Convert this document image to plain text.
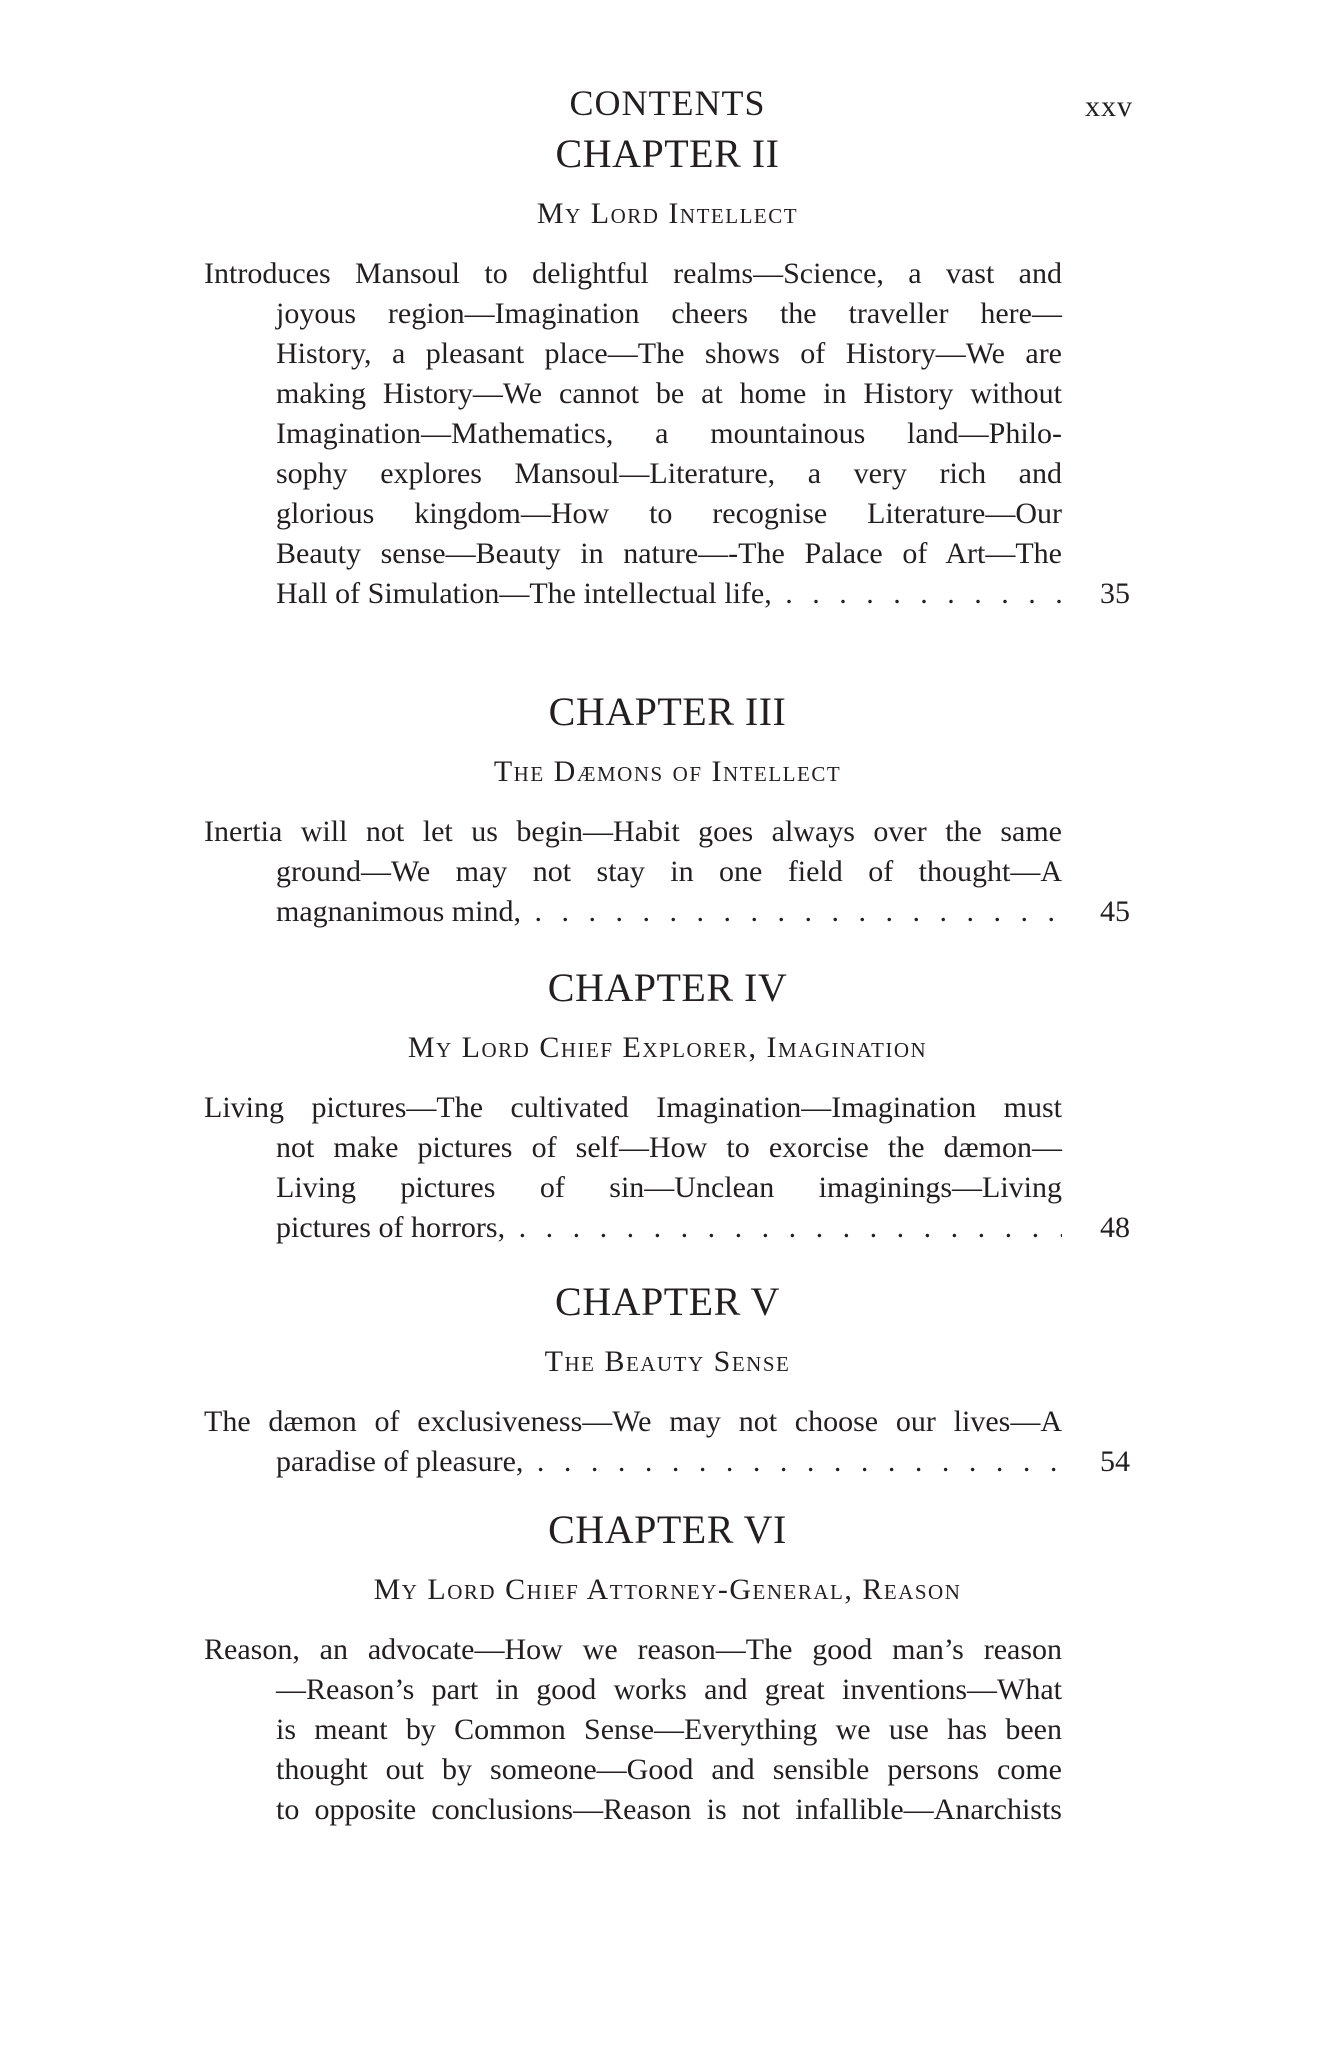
CONTENTS	xxv
CHAPTER II
My Lord Intellect
Introduces Mansoul to delightful realms—Science, a vast and
joyous region—Imagination cheers the traveller here—
History, a pleasant place—The shows of History—We are
making History—We cannot be at home in History without
Imagination—Mathematics, a mountainous land—Philo-
sophy explores Mansoul—Literature, a very rich and
glorious kingdom—How to recognise Literature—Our
Beauty sense—Beauty in nature—-The Palace of Art—The
Hall of Simulation—The intellectual life, . . .	35
CHAPTER III
The Dæmons of Intellect
Inertia will not let us begin—Habit goes always over the same
ground—We may not stay in one field of thought—A
magnanimous mind, . . .	45
CHAPTER IV
My Lord Chief Explorer, Imagination
Living pictures—The cultivated Imagination—Imagination must
not make pictures of self—How to exorcise the dæmon—
Living pictures of sin—Unclean imaginings—Living
pictures of horrors, . . .	48
CHAPTER V
The Beauty Sense
The dæmon of exclusiveness—We may not choose our lives—A
paradise of pleasure, . . .	54
CHAPTER VI
My Lord Chief Attorney-General, Reason
Reason, an advocate—How we reason—The good man’s reason
—Reason’s part in good works and great inventions—What
is meant by Common Sense—Everything we use has been
thought out by someone—Good and sensible persons come
to opposite conclusions—Reason is not infallible—Anarchists
